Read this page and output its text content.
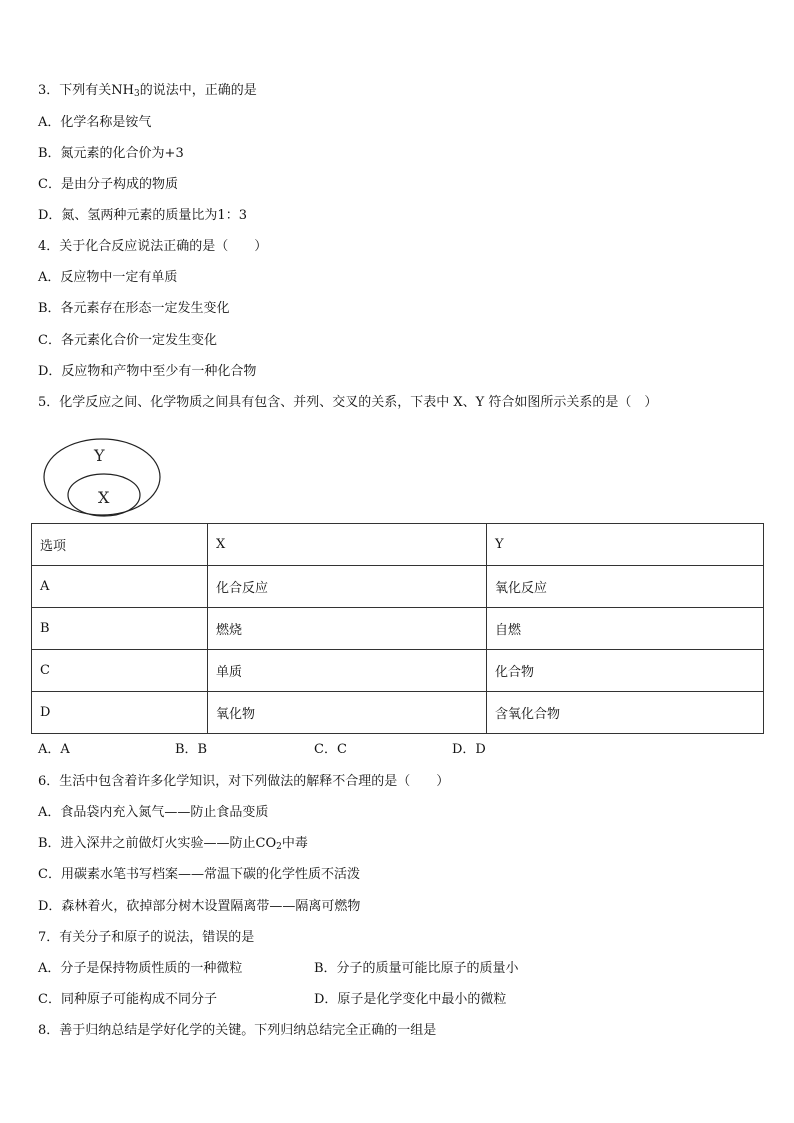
3．下列有关$NH_3$的说法中，正确的是
A．化学名称是铵气
B．氮元素的化合价为+3
C．是由分子构成的物质
D．氮、氢两种元素的质量比为1：3
4．关于化合反应说法正确的是（　　）
A．反应物中一定有单质
B．各元素存在形态一定发生变化
C．各元素化合价一定发生变化
D．反应物和产物中至少有一种化合物
5．化学反应之间、化学物质之间具有包含、并列、交叉的关系，下表中 X、Y 符合如图所示关系的是（　）
Y
X
选项	X	Y
A	化合反应	氧化反应
B	燃烧	自燃
C	单质	化合物
D	氧化物	含氧化合物
A．A	B．B	C．C	D．D
6．生活中包含着许多化学知识，对下列做法的解释不合理的是（　　）
A．食品袋内充入氮气——防止食品变质
B．进入深井之前做灯火实验——防止$CO_2$中毒
C．用碳素水笔书写档案——常温下碳的化学性质不活泼
D．森林着火，砍掉部分树木设置隔离带——隔离可燃物
7．有关分子和原子的说法，错误的是
A．分子是保持物质性质的一种微粒	B．分子的质量可能比原子的质量小
C．同种原子可能构成不同分子	D．原子是化学变化中最小的微粒
8．善于归纳总结是学好化学的关键。下列归纳总结完全正确的一组是
